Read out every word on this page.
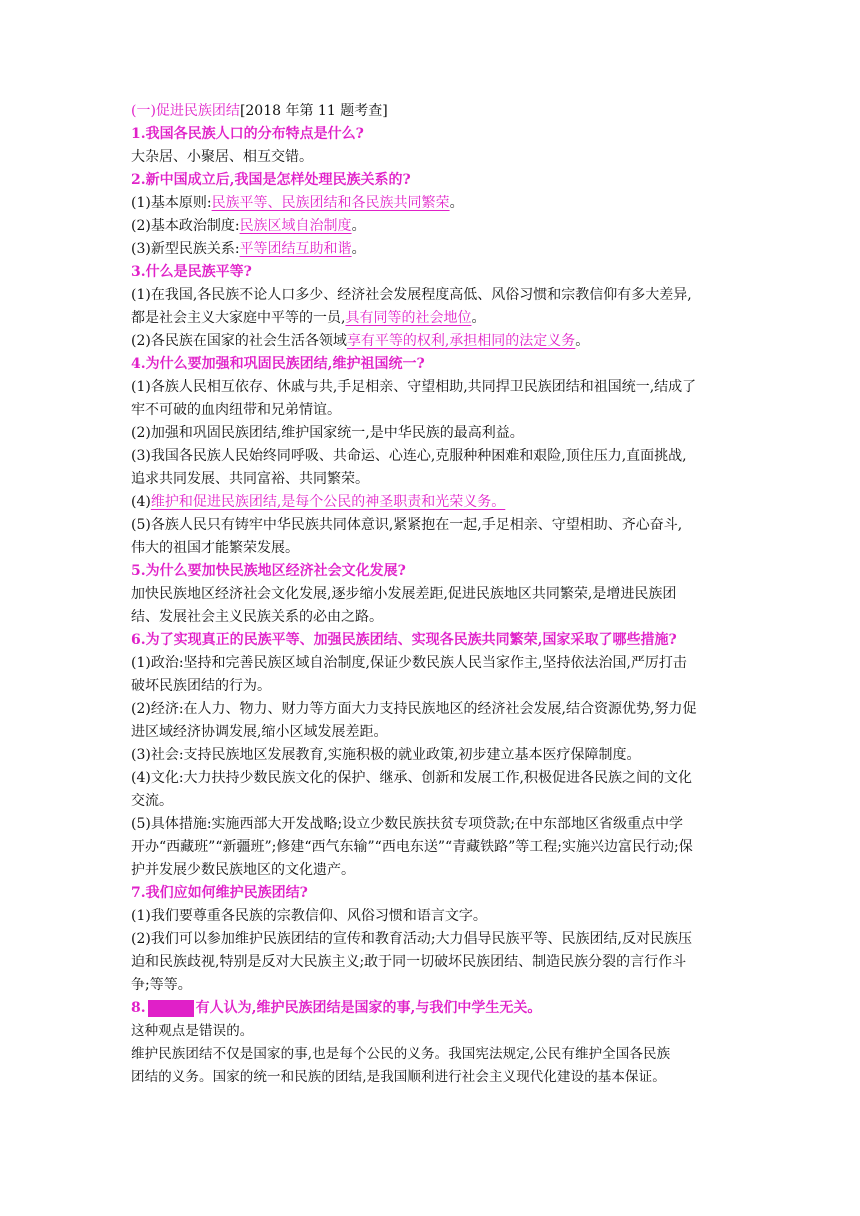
(一)促进民族团结[2018 年第 11 题考查]
1.我国各民族人口的分布特点是什么?
大杂居、小聚居、相互交错。
2.新中国成立后,我国是怎样处理民族关系的?
(1)基本原则:民族平等、民族团结和各民族共同繁荣。
(2)基本政治制度:民族区域自治制度。
(3)新型民族关系:平等团结互助和谐。
3.什么是民族平等?
(1)在我国,各民族不论人口多少、经济社会发展程度高低、风俗习惯和宗教信仰有多大差异,
都是社会主义大家庭中平等的一员,具有同等的社会地位。
(2)各民族在国家的社会生活各领域享有平等的权利,承担相同的法定义务。
4.为什么要加强和巩固民族团结,维护祖国统一?
(1)各族人民相互依存、休戚与共,手足相亲、守望相助,共同捍卫民族团结和祖国统一,结成了
牢不可破的血肉纽带和兄弟情谊。
(2)加强和巩固民族团结,维护国家统一,是中华民族的最高利益。
(3)我国各民族人民始终同呼吸、共命运、心连心,克服种种困难和艰险,顶住压力,直面挑战,
追求共同发展、共同富裕、共同繁荣。
(4)维护和促进民族团结,是每个公民的神圣职责和光荣义务。
(5)各族人民只有铸牢中华民族共同体意识,紧紧抱在一起,手足相亲、守望相助、齐心奋斗,
伟大的祖国才能繁荣发展。
5.为什么要加快民族地区经济社会文化发展?
加快民族地区经济社会文化发展,逐步缩小发展差距,促进民族地区共同繁荣,是增进民族团
结、发展社会主义民族关系的必由之路。
6.为了实现真正的民族平等、加强民族团结、实现各民族共同繁荣,国家采取了哪些措施?
(1)政治:坚持和完善民族区域自治制度,保证少数民族人民当家作主,坚持依法治国,严厉打击
破坏民族团结的行为。
(2)经济:在人力、物力、财力等方面大力支持民族地区的经济社会发展,结合资源优势,努力促
进区域经济协调发展,缩小区域发展差距。
(3)社会:支持民族地区发展教育,实施积极的就业政策,初步建立基本医疗保障制度。
(4)文化:大力扶持少数民族文化的保护、继承、创新和发展工作,积极促进各民族之间的文化
交流。
(5)具体措施:实施西部大开发战略;设立少数民族扶贫专项贷款;在中东部地区省级重点中学
开办“西藏班”“新疆班”;修建“西气东输”“西电东送”“青藏铁路”等工程;实施兴边富民行动;保
护并发展少数民族地区的文化遗产。
7.我们应如何维护民族团结?
(1)我们要尊重各民族的宗教信仰、风俗习惯和语言文字。
(2)我们可以参加维护民族团结的宣传和教育活动;大力倡导民族平等、民族团结,反对民族压
迫和民族歧视,特别是反对大民族主义;敢于同一切破坏民族团结、制造民族分裂的言行作斗
争;等等。
8.	有人认为,维护民族团结是国家的事,与我们中学生无关。
这种观点是错误的。
维护民族团结不仅是国家的事,也是每个公民的义务。我国宪法规定,公民有维护全国各民族
团结的义务。国家的统一和民族的团结,是我国顺利进行社会主义现代化建设的基本保证。
